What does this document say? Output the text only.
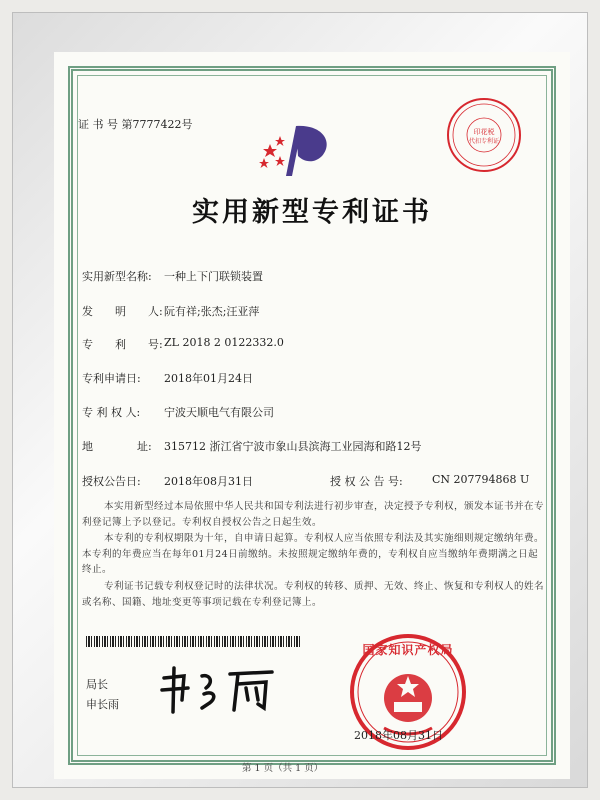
证 书 号 第7777422号
印花税
代扣专利证
实用新型专利证书
实用新型名称: 一种上下门联锁装置
发　　明　　人: 阮有祥;张杰;汪亚萍
专　　利　　号: ZL 2018 2 0122332.0
专利申请日: 2018年01月24日
专 利 权 人: 宁波天顺电气有限公司
地　　　　址: 315712 浙江省宁波市象山县滨海工业园海和路12号
授权公告日: 2018年08月31日	授 权 公 告 号:	CN 207794868 U
本实用新型经过本局依照中华人民共和国专利法进行初步审查，决定授予专利权，颁发本证书并在专利登记簿上予以登记。专利权自授权公告之日起生效。
本专利的专利权期限为十年，自申请日起算。专利权人应当依照专利法及其实施细则规定缴纳年费。本专利的年费应当在每年01月24日前缴纳。未按照规定缴纳年费的，专利权自应当缴纳年费期满之日起终止。
专利证书记载专利权登记时的法律状况。专利权的转移、质押、无效、终止、恢复和专利权人的姓名或名称、国籍、地址变更等事项记载在专利登记簿上。
局长
申长雨
国家知识产权局
2018年08月31日
第 1 页（共 1 页）
